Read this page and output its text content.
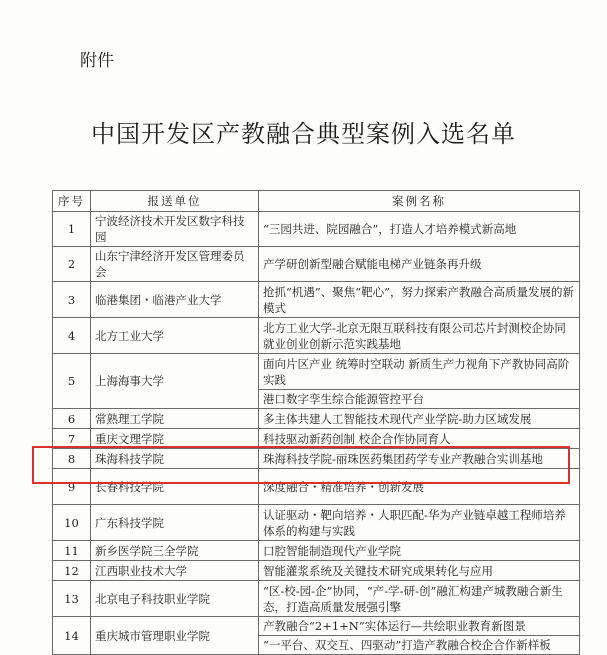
附件
中国开发区产教融合典型案例入选名单
序号	报送单位	案例名称
1	宁波经济技术开发区数字科技园	“三园共进、院园融合”，打造人才培养模式新高地
2	山东宁津经济开发区管理委员会	产学研创新型融合赋能电梯产业链条再升级
3	临港集团・临港产业大学	抢抓“机遇”、聚焦“靶心”，努力探索产教融合高质量发展的新模式
4	北方工业大学	北方工业大学-北京无限互联科技有限公司芯片封测校企协同就业创业创新示范实践基地
5	上海海事大学	面向片区产业 统筹时空联动 新质生产力视角下产教协同高阶实践
		港口数字孪生综合能源管控平台
6	常熟理工学院	多主体共建人工智能技术现代产业学院-助力区域发展
7	重庆文理学院	科技驱动新药创制 校企合作协同育人
8	珠海科技学院	珠海科技学院-丽珠医药集团药学专业产教融合实训基地
9	长春科技学院	深度融合・精准培养・创新发展
10	广东科技学院	认证驱动・靶向培养・人职匹配-华为产业链卓越工程师培养体系的构建与实践
11	新乡医学院三全学院	口腔智能制造现代产业学院
12	江西职业技术大学	智能灌浆系统及关键技术研究成果转化与应用
13	北京电子科技职业学院	“区-校-园-企”协同，“产-学-研-创”融汇构建产城教融合新生态，打造高质量发展强引擎
14	重庆城市管理职业学院	产教融合“2+1+N”实体运行—共绘职业教育新图景
		“一平台、双交互、四驱动”打造产教融合校企合作新样板
